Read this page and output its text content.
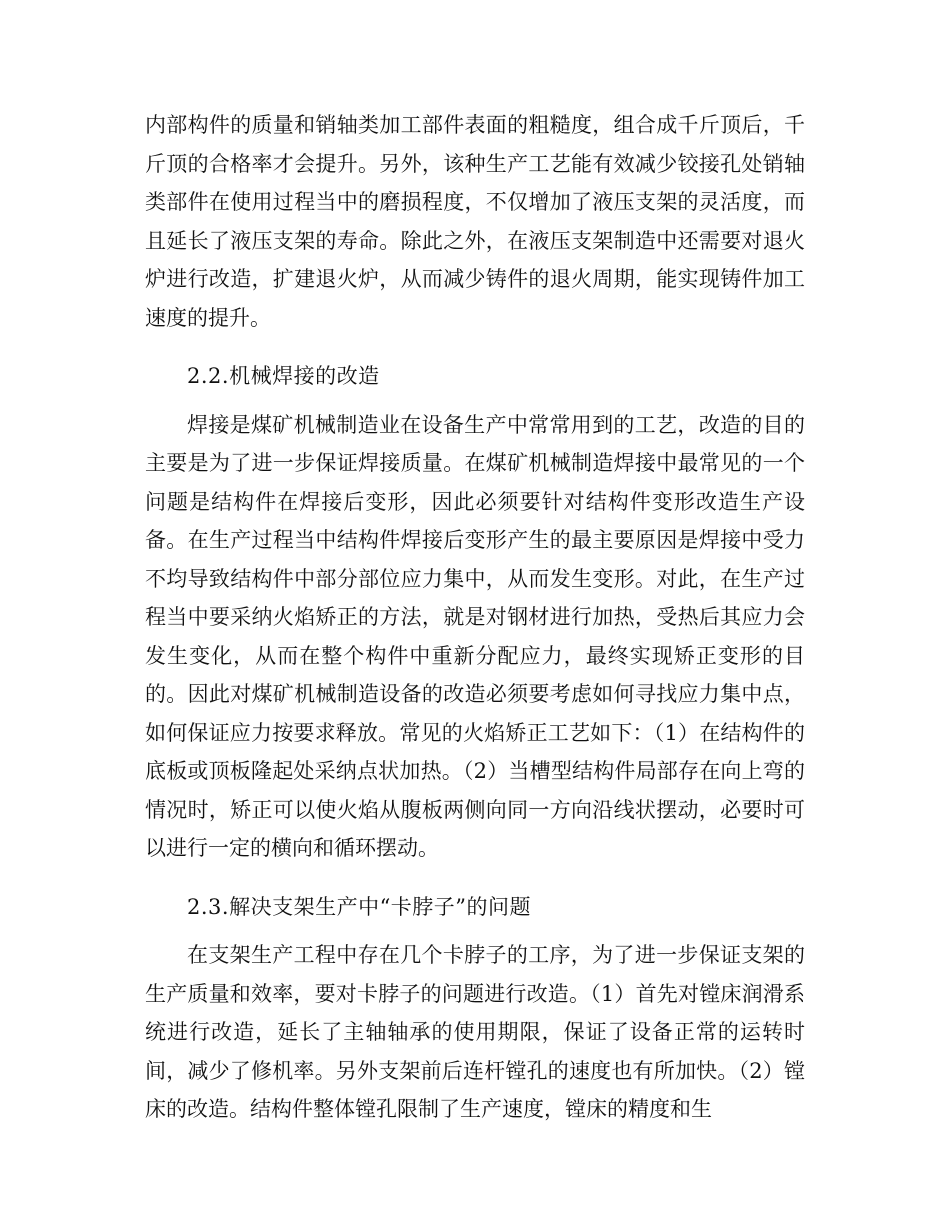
内部构件的质量和销轴类加工部件表面的粗糙度，组合成千斤顶后，千斤顶的合格率才会提升。另外，该种生产工艺能有效减少铰接孔处销轴类部件在使用过程当中的磨损程度，不仅增加了液压支架的灵活度，而且延长了液压支架的寿命。除此之外，在液压支架制造中还需要对退火炉进行改造，扩建退火炉，从而减少铸件的退火周期，能实现铸件加工速度的提升。

2.2.机械焊接的改造

焊接是煤矿机械制造业在设备生产中常常用到的工艺，改造的目的主要是为了进一步保证焊接质量。在煤矿机械制造焊接中最常见的一个问题是结构件在焊接后变形，因此必须要针对结构件变形改造生产设备。在生产过程当中结构件焊接后变形产生的最主要原因是焊接中受力不均导致结构件中部分部位应力集中，从而发生变形。对此，在生产过程当中要采纳火焰矫正的方法，就是对钢材进行加热，受热后其应力会发生变化，从而在整个构件中重新分配应力，最终实现矫正变形的目的。因此对煤矿机械制造设备的改造必须要考虑如何寻找应力集中点，如何保证应力按要求释放。常见的火焰矫正工艺如下：（1）在结构件的底板或顶板隆起处采纳点状加热。（2）当槽型结构件局部存在向上弯的情况时，矫正可以使火焰从腹板两侧向同一方向沿线状摆动，必要时可以进行一定的横向和循环摆动。

2.3.解决支架生产中“卡脖子”的问题

在支架生产工程中存在几个卡脖子的工序，为了进一步保证支架的生产质量和效率，要对卡脖子的问题进行改造。（1）首先对镗床润滑系统进行改造，延长了主轴轴承的使用期限，保证了设备正常的运转时间，减少了修机率。另外支架前后连杆镗孔的速度也有所加快。（2）镗床的改造。结构件整体镗孔限制了生产速度，镗床的精度和生
